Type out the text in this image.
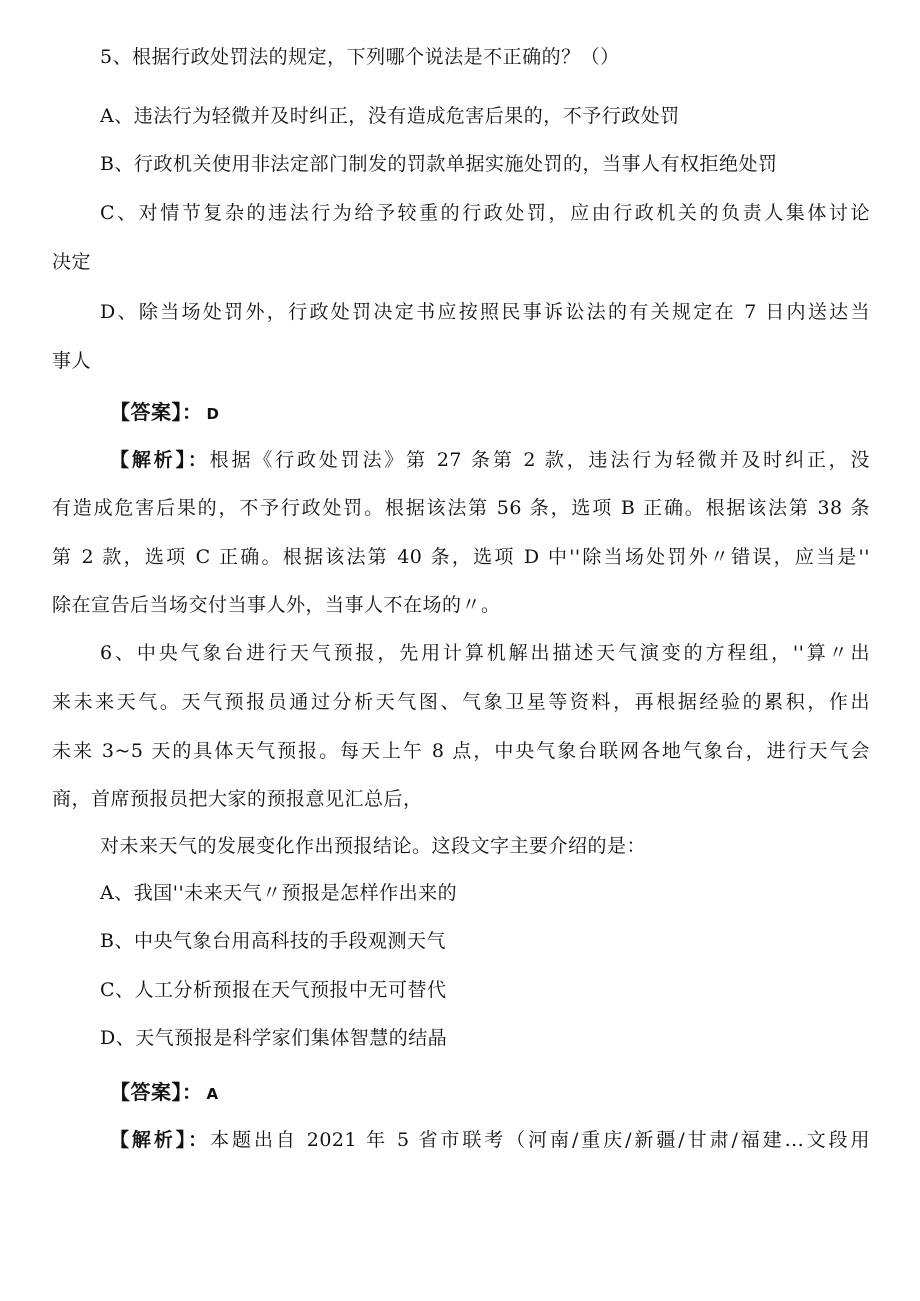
5、根据行政处罚法的规定，下列哪个说法是不正确的？（）
A、违法行为轻微并及时纠正，没有造成危害后果的，不予行政处罚
B、行政机关使用非法定部门制发的罚款单据实施处罚的，当事人有权拒绝处罚
C、对情节复杂的违法行为给予较重的行政处罚，应由行政机关的负责人集体讨论
决定
D、除当场处罚外，行政处罚决定书应按照民事诉讼法的有关规定在 7 日内送达当
事人
【答案】： D
【解析】：根据《行政处罚法》第 27 条第 2 款，违法行为轻微并及时纠正，没
有造成危害后果的，不予行政处罚。根据该法第 56 条，选项 B 正确。根据该法第 38 条
第 2 款，选项 C 正确。根据该法第 40 条，选项 D 中''除当场处罚外〃错误，应当是''
除在宣告后当场交付当事人外，当事人不在场的〃。
6、中央气象台进行天气预报，先用计算机解出描述天气演变的方程组，''算〃出
来未来天气。天气预报员通过分析天气图、气象卫星等资料，再根据经验的累积，作出
未来 3~5 天的具体天气预报。每天上午 8 点，中央气象台联网各地气象台，进行天气会
商，首席预报员把大家的预报意见汇总后，
对未来天气的发展变化作出预报结论。这段文字主要介绍的是：
A、我国''未来天气〃预报是怎样作出来的
B、中央气象台用高科技的手段观测天气
C、人工分析预报在天气预报中无可替代
D、天气预报是科学家们集体智慧的结晶
【答案】： A
【解析】：本题出自 2021 年 5 省市联考（河南/重庆/新疆/甘肃/福建...文段用
